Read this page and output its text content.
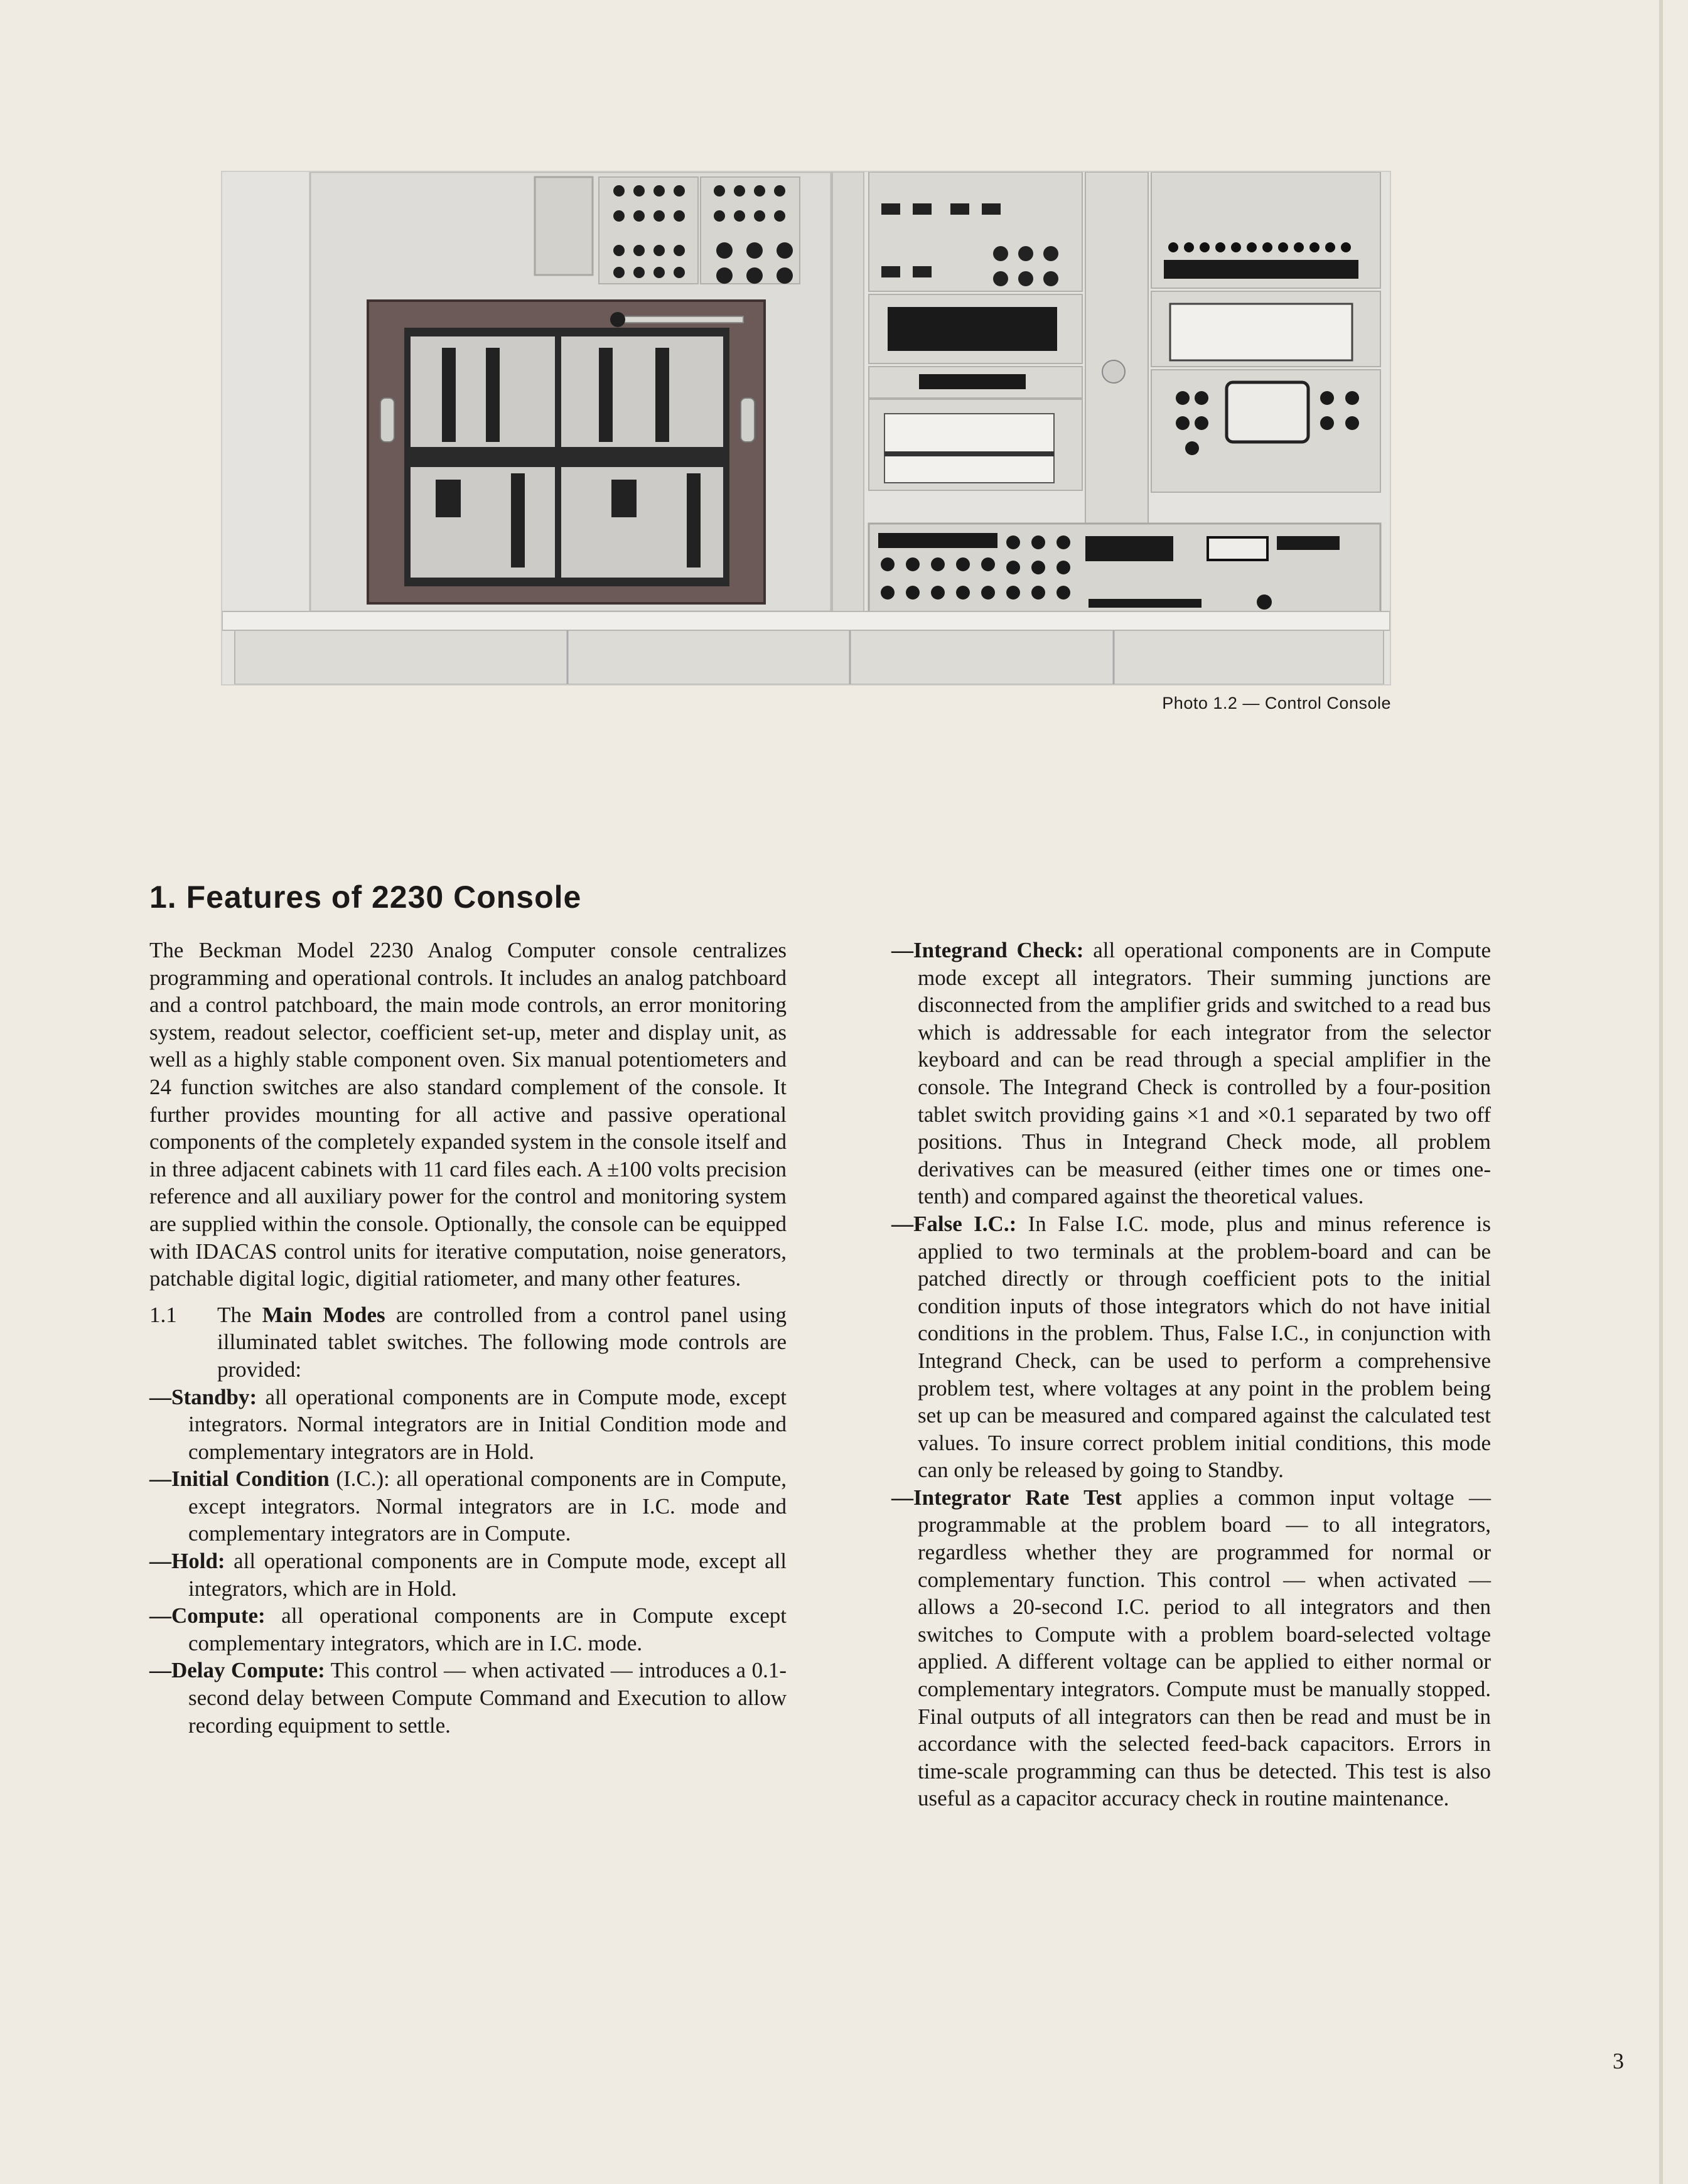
Photo 1.2 — Control Console
1. Features of 2230 Console

The Beckman Model 2230 Analog Computer console centralizes programming and operational controls. It includes an analog patchboard and a control patchboard, the main mode controls, an error monitoring system, readout selector, coefficient set-up, meter and display unit, as well as a highly stable component oven. Six manual potentiometers and 24 function switches are also standard complement of the console. It further provides mounting for all active and passive operational components of the completely expanded system in the console itself and in three adjacent cabinets with 11 card files each. A ±100 volts precision reference and all auxiliary power for the control and monitoring system are supplied within the console. Optionally, the console can be equipped with IDACAS control units for iterative computation, noise generators, patchable digital logic, digitial ratiometer, and many other features.

1.1 The Main Modes are controlled from a control panel using illuminated tablet switches. The following mode controls are provided:

—Standby: all operational components are in Compute mode, except integrators. Normal integrators are in Initial Condition mode and complementary integrators are in Hold.

—Initial Condition (I.C.): all operational components are in Compute, except integrators. Normal integrators are in I.C. mode and complementary integrators are in Compute.

—Hold: all operational components are in Compute mode, except all integrators, which are in Hold.

—Compute: all operational components are in Compute except complementary integrators, which are in I.C. mode.

—Delay Compute: This control — when activated — introduces a 0.1-second delay between Compute Command and Execution to allow recording equipment to settle.

—Integrand Check: all operational components are in Compute mode except all integrators. Their summing junctions are disconnected from the amplifier grids and switched to a read bus which is addressable for each integrator from the selector keyboard and can be read through a special amplifier in the console. The Integrand Check is controlled by a four-position tablet switch providing gains ×1 and ×0.1 separated by two off positions. Thus in Integrand Check mode, all problem derivatives can be measured (either times one or times one-tenth) and compared against the theoretical values.

—False I.C.: In False I.C. mode, plus and minus reference is applied to two terminals at the problem-board and can be patched directly or through coefficient pots to the initial condition inputs of those integrators which do not have initial conditions in the problem. Thus, False I.C., in conjunction with Integrand Check, can be used to perform a comprehensive problem test, where voltages at any point in the problem being set up can be measured and compared against the calculated test values. To insure correct problem initial conditions, this mode can only be released by going to Standby.

—Integrator Rate Test applies a common input voltage — programmable at the problem board — to all integrators, regardless whether they are programmed for normal or complementary function. This control — when activated — allows a 20-second I.C. period to all integrators and then switches to Compute with a problem board-selected voltage applied. A different voltage can be applied to either normal or complementary integrators. Compute must be manually stopped. Final outputs of all integrators can then be read and must be in accordance with the selected feed-back capacitors. Errors in time-scale programming can thus be detected. This test is also useful as a capacitor accuracy check in routine maintenance.

3
